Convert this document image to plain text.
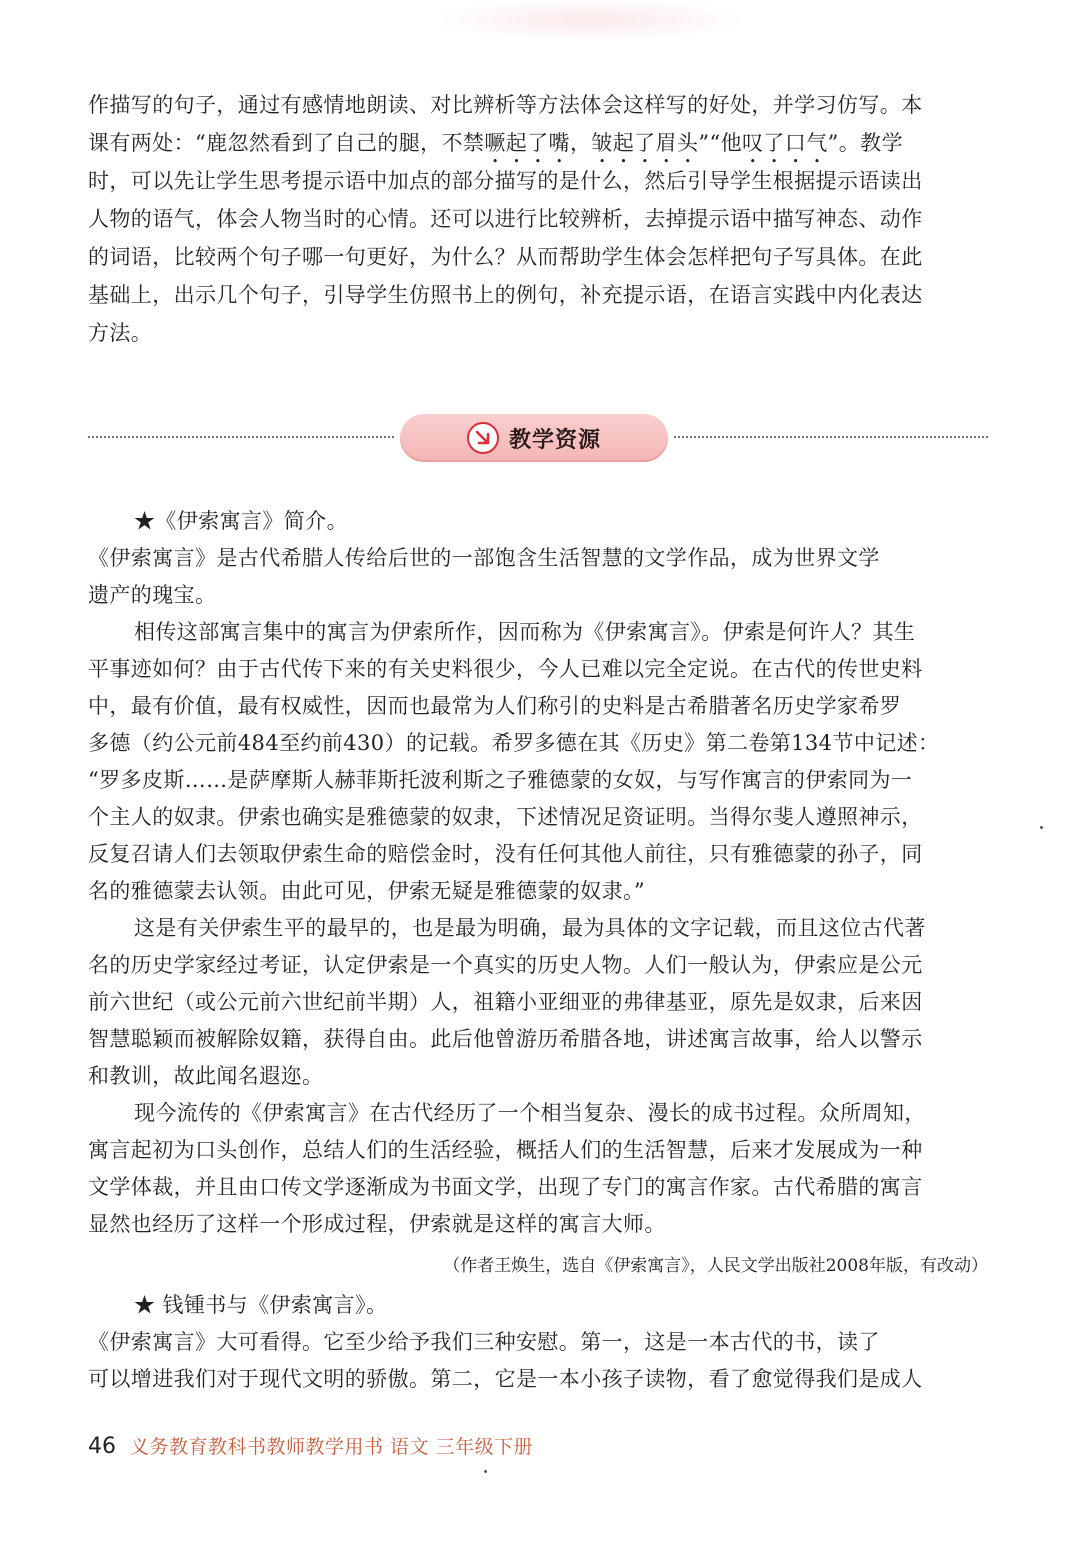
作描写的句子，通过有感情地朗读、对比辨析等方法体会这样写的好处，并学习仿写。本
课有两处：“鹿忽然看到了自己的腿，不禁噘起了嘴，皱起了眉头”“他叹了口气”。教学
时，可以先让学生思考提示语中加点的部分描写的是什么，然后引导学生根据提示语读出
人物的语气，体会人物当时的心情。还可以进行比较辨析，去掉提示语中描写神态、动作
的词语，比较两个句子哪一句更好，为什么？从而帮助学生体会怎样把句子写具体。在此
基础上，出示几个句子，引导学生仿照书上的例句，补充提示语，在语言实践中内化表达
方法。
教学资源
★《伊索寓言》简介。
《伊索寓言》是古代希腊人传给后世的一部饱含生活智慧的文学作品，成为世界文学
遗产的瑰宝。
相传这部寓言集中的寓言为伊索所作，因而称为《伊索寓言》。伊索是何许人？其生
平事迹如何？由于古代传下来的有关史料很少，今人已难以完全定说。在古代的传世史料
中，最有价值，最有权威性，因而也最常为人们称引的史料是古希腊著名历史学家希罗
多德（约公元前484至约前430）的记载。希罗多德在其《历史》第二卷第134节中记述：
“罗多皮斯……是萨摩斯人赫菲斯托波利斯之子雅德蒙的女奴，与写作寓言的伊索同为一
个主人的奴隶。伊索也确实是雅德蒙的奴隶，下述情况足资证明。当得尔斐人遵照神示，
反复召请人们去领取伊索生命的赔偿金时，没有任何其他人前往，只有雅德蒙的孙子，同
名的雅德蒙去认领。由此可见，伊索无疑是雅德蒙的奴隶。”
这是有关伊索生平的最早的，也是最为明确，最为具体的文字记载，而且这位古代著
名的历史学家经过考证，认定伊索是一个真实的历史人物。人们一般认为，伊索应是公元
前六世纪（或公元前六世纪前半期）人，祖籍小亚细亚的弗律基亚，原先是奴隶，后来因
智慧聪颖而被解除奴籍，获得自由。此后他曾游历希腊各地，讲述寓言故事，给人以警示
和教训，故此闻名遐迩。
现今流传的《伊索寓言》在古代经历了一个相当复杂、漫长的成书过程。众所周知，
寓言起初为口头创作，总结人们的生活经验，概括人们的生活智慧，后来才发展成为一种
文学体裁，并且由口传文学逐渐成为书面文学，出现了专门的寓言作家。古代希腊的寓言
显然也经历了这样一个形成过程，伊索就是这样的寓言大师。
（作者王焕生，选自《伊索寓言》，人民文学出版社2008年版，有改动）
★ 钱锺书与《伊索寓言》。
《伊索寓言》大可看得。它至少给予我们三种安慰。第一，这是一本古代的书，读了
可以增进我们对于现代文明的骄傲。第二，它是一本小孩子读物，看了愈觉得我们是成人
46 义务教育教科书教师教学用书 语文 三年级下册
